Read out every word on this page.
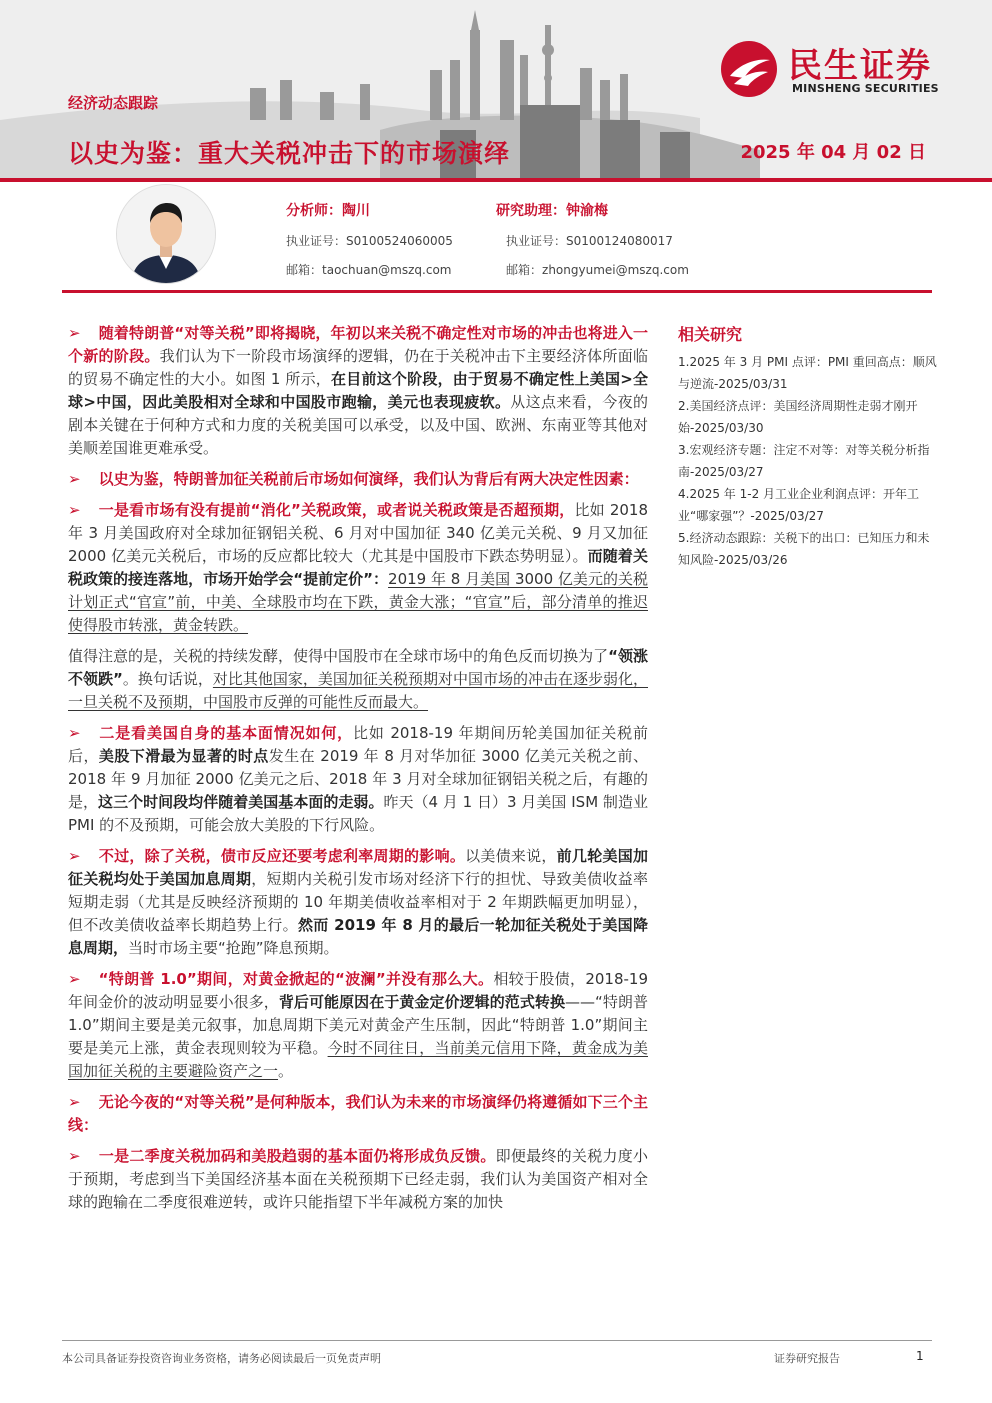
民生证券
MINSHENG SECURITIES
经济动态跟踪
以史为鉴：重大关税冲击下的市场演绎	2025 年 04 月 02 日
分析师：陶川
执业证号：S0100524060005
邮箱：taochuan@mszq.com
研究助理：钟渝梅
执业证号：S0100124080017
邮箱：zhongyumei@mszq.com

➢ 随着特朗普“对等关税”即将揭晓，年初以来关税不确定性对市场的冲击也将进入一个新的阶段。我们认为下一阶段市场演绎的逻辑，仍在于关税冲击下主要经济体所面临的贸易不确定性的大小。如图 1 所示，在目前这个阶段，由于贸易不确定性上美国>全球>中国，因此美股相对全球和中国股市跑输，美元也表现疲软。从这点来看，今夜的剧本关键在于何种方式和力度的关税美国可以承受，以及中国、欧洲、东南亚等其他对美顺差国谁更难承受。

➢ 以史为鉴，特朗普加征关税前后市场如何演绎，我们认为背后有两大决定性因素：

➢ 一是看市场有没有提前“消化”关税政策，或者说关税政策是否超预期，比如 2018 年 3 月美国政府对全球加征钢铝关税、6 月对中国加征 340 亿美元关税、9 月又加征 2000 亿美元关税后，市场的反应都比较大（尤其是中国股市下跌态势明显）。而随着关税政策的接连落地，市场开始学会“提前定价”：2019 年 8 月美国 3000 亿美元的关税计划正式“官宣”前，中美、全球股市均在下跌，黄金大涨；“官宣”后，部分清单的推迟使得股市转涨，黄金转跌。

值得注意的是，关税的持续发酵，使得中国股市在全球市场中的角色反而切换为了“领涨不领跌”。换句话说，对比其他国家，美国加征关税预期对中国市场的冲击在逐步弱化，一旦关税不及预期，中国股市反弹的可能性反而最大。

➢ 二是看美国自身的基本面情况如何，比如 2018-19 年期间历轮美国加征关税前后，美股下滑最为显著的时点发生在 2019 年 8 月对华加征 3000 亿美元关税之前、2018 年 9 月加征 2000 亿美元之后、2018 年 3 月对全球加征钢铝关税之后，有趣的是，这三个时间段均伴随着美国基本面的走弱。昨天（4 月 1 日）3 月美国 ISM 制造业 PMI 的不及预期，可能会放大美股的下行风险。

➢ 不过，除了关税，债市反应还要考虑利率周期的影响。以美债来说，前几轮美国加征关税均处于美国加息周期，短期内关税引发市场对经济下行的担忧、导致美债收益率短期走弱（尤其是反映经济预期的 10 年期美债收益率相对于 2 年期跌幅更加明显），但不改美债收益率长期趋势上行。然而 2019 年 8 月的最后一轮加征关税处于美国降息周期，当时市场主要“抢跑”降息预期。

➢ “特朗普 1.0”期间，对黄金掀起的“波澜”并没有那么大。相较于股债，2018-19 年间金价的波动明显要小很多，背后可能原因在于黄金定价逻辑的范式转换——“特朗普 1.0”期间主要是美元叙事，加息周期下美元对黄金产生压制，因此“特朗普 1.0”期间主要是美元上涨，黄金表现则较为平稳。今时不同往日，当前美元信用下降，黄金成为美国加征关税的主要避险资产之一。

➢ 无论今夜的“对等关税”是何种版本，我们认为未来的市场演绎仍将遵循如下三个主线：

➢ 一是二季度关税加码和美股趋弱的基本面仍将形成负反馈。即便最终的关税力度小于预期，考虑到当下美国经济基本面在关税预期下已经走弱，我们认为美国资产相对全球的跑输在二季度很难逆转，或许只能指望下半年减税方案的加快

相关研究
1.2025 年 3 月 PMI 点评：PMI 重回高点：顺风与逆流-2025/03/31
2.美国经济点评：美国经济周期性走弱才刚开始-2025/03/30
3.宏观经济专题：注定不对等：对等关税分析指南-2025/03/27
4.2025 年 1-2 月工业企业利润点评：开年工业“哪家强”？-2025/03/27
5.经济动态跟踪：关税下的出口：已知压力和未知风险-2025/03/26
本公司具备证券投资咨询业务资格，请务必阅读最后一页免责声明	证券研究报告	1
